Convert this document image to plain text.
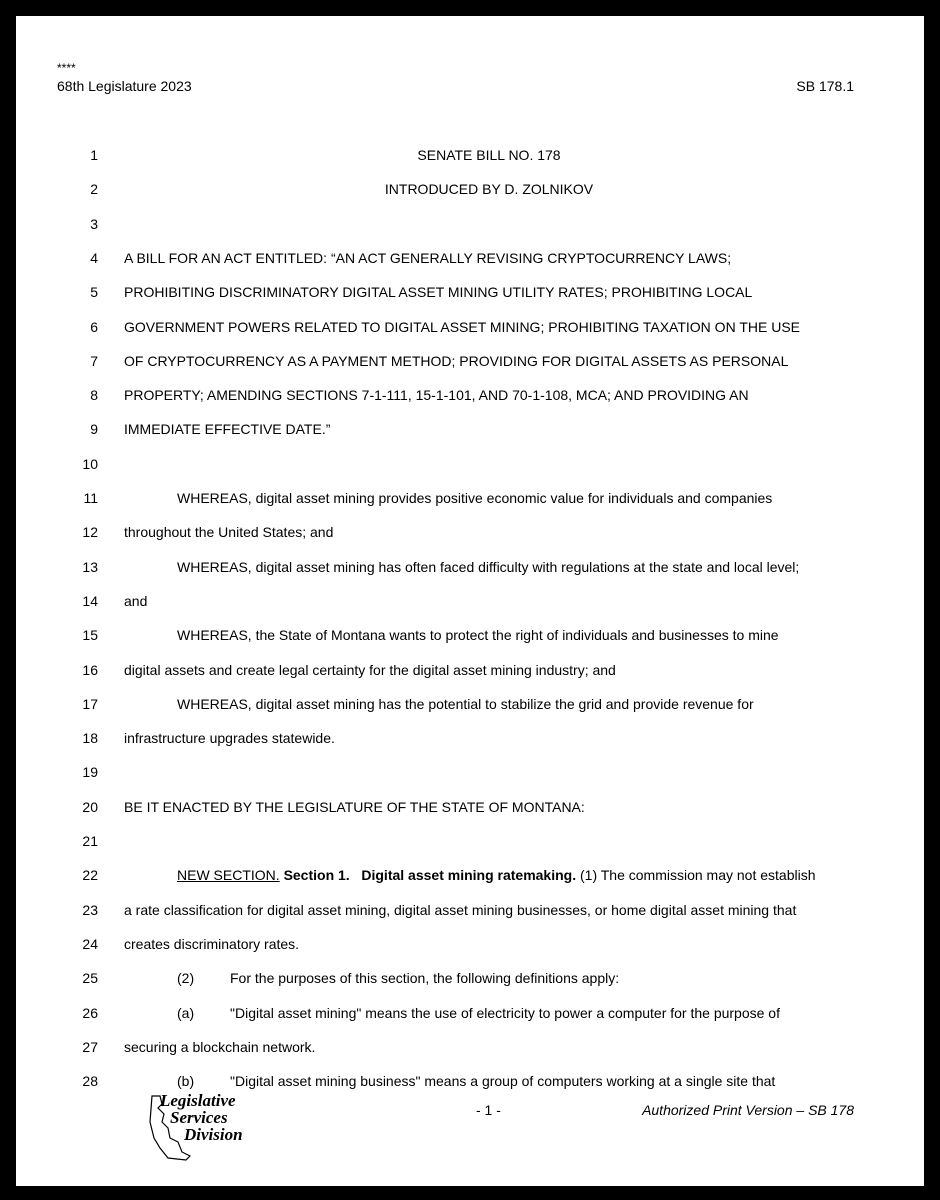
****
68th Legislature 2023	SB 178.1
1	SENATE BILL NO. 178
2	INTRODUCED BY D. ZOLNIKOV
3
4 A BILL FOR AN ACT ENTITLED: “AN ACT GENERALLY REVISING CRYPTOCURRENCY LAWS;
5 PROHIBITING DISCRIMINATORY DIGITAL ASSET MINING UTILITY RATES; PROHIBITING LOCAL
6 GOVERNMENT POWERS RELATED TO DIGITAL ASSET MINING; PROHIBITING TAXATION ON THE USE
7 OF CRYPTOCURRENCY AS A PAYMENT METHOD; PROVIDING FOR DIGITAL ASSETS AS PERSONAL
8 PROPERTY; AMENDING SECTIONS 7-1-111, 15-1-101, AND 70-1-108, MCA; AND PROVIDING AN
9 IMMEDIATE EFFECTIVE DATE.”
10
11	WHEREAS, digital asset mining provides positive economic value for individuals and companies
12 throughout the United States; and
13	WHEREAS, digital asset mining has often faced difficulty with regulations at the state and local level;
14 and
15	WHEREAS, the State of Montana wants to protect the right of individuals and businesses to mine
16 digital assets and create legal certainty for the digital asset mining industry; and
17	WHEREAS, digital asset mining has the potential to stabilize the grid and provide revenue for
18 infrastructure upgrades statewide.
19
20 BE IT ENACTED BY THE LEGISLATURE OF THE STATE OF MONTANA:
21
22	NEW SECTION. Section 1. Digital asset mining ratemaking. (1) The commission may not establish
23 a rate classification for digital asset mining, digital asset mining businesses, or home digital asset mining that
24 creates discriminatory rates.
25	(2)	For the purposes of this section, the following definitions apply:
26	(a)	"Digital asset mining" means the use of electricity to power a computer for the purpose of
27 securing a blockchain network.
28	(b)	"Digital asset mining business" means a group of computers working at a single site that
Legislative
Services
Division
- 1 -	Authorized Print Version – SB 178
